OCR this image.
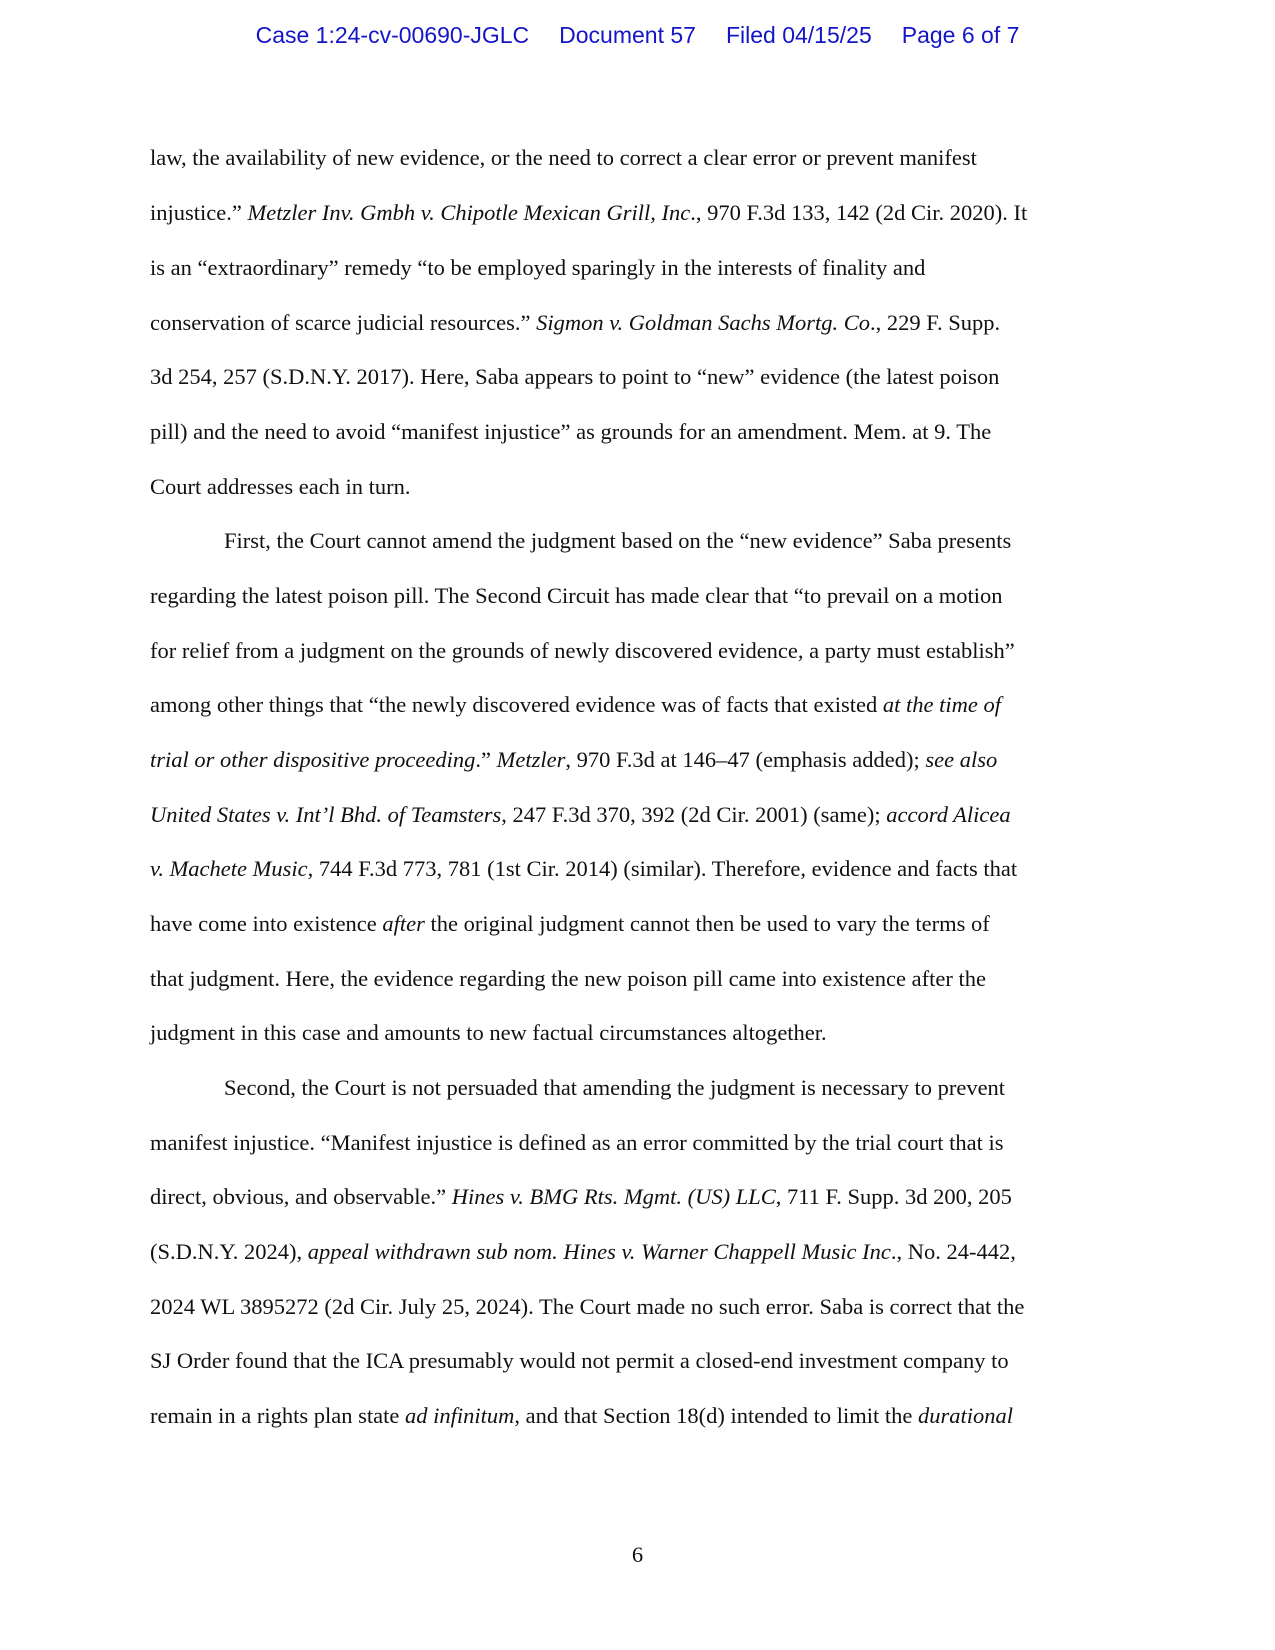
Case 1:24-cv-00690-JGLC Document 57 Filed 04/15/25 Page 6 of 7
law, the availability of new evidence, or the need to correct a clear error or prevent manifest
injustice.” Metzler Inv. Gmbh v. Chipotle Mexican Grill, Inc., 970 F.3d 133, 142 (2d Cir. 2020). It
is an “extraordinary” remedy “to be employed sparingly in the interests of finality and
conservation of scarce judicial resources.” Sigmon v. Goldman Sachs Mortg. Co., 229 F. Supp.
3d 254, 257 (S.D.N.Y. 2017). Here, Saba appears to point to “new” evidence (the latest poison
pill) and the need to avoid “manifest injustice” as grounds for an amendment. Mem. at 9. The
Court addresses each in turn.
First, the Court cannot amend the judgment based on the “new evidence” Saba presents
regarding the latest poison pill. The Second Circuit has made clear that “to prevail on a motion
for relief from a judgment on the grounds of newly discovered evidence, a party must establish”
among other things that “the newly discovered evidence was of facts that existed at the time of
trial or other dispositive proceeding.” Metzler, 970 F.3d at 146–47 (emphasis added); see also
United States v. Int’l Bhd. of Teamsters, 247 F.3d 370, 392 (2d Cir. 2001) (same); accord Alicea
v. Machete Music, 744 F.3d 773, 781 (1st Cir. 2014) (similar). Therefore, evidence and facts that
have come into existence after the original judgment cannot then be used to vary the terms of
that judgment. Here, the evidence regarding the new poison pill came into existence after the
judgment in this case and amounts to new factual circumstances altogether.
Second, the Court is not persuaded that amending the judgment is necessary to prevent
manifest injustice. “Manifest injustice is defined as an error committed by the trial court that is
direct, obvious, and observable.” Hines v. BMG Rts. Mgmt. (US) LLC, 711 F. Supp. 3d 200, 205
(S.D.N.Y. 2024), appeal withdrawn sub nom. Hines v. Warner Chappell Music Inc., No. 24-442,
2024 WL 3895272 (2d Cir. July 25, 2024). The Court made no such error. Saba is correct that the
SJ Order found that the ICA presumably would not permit a closed-end investment company to
remain in a rights plan state ad infinitum, and that Section 18(d) intended to limit the durational
6
